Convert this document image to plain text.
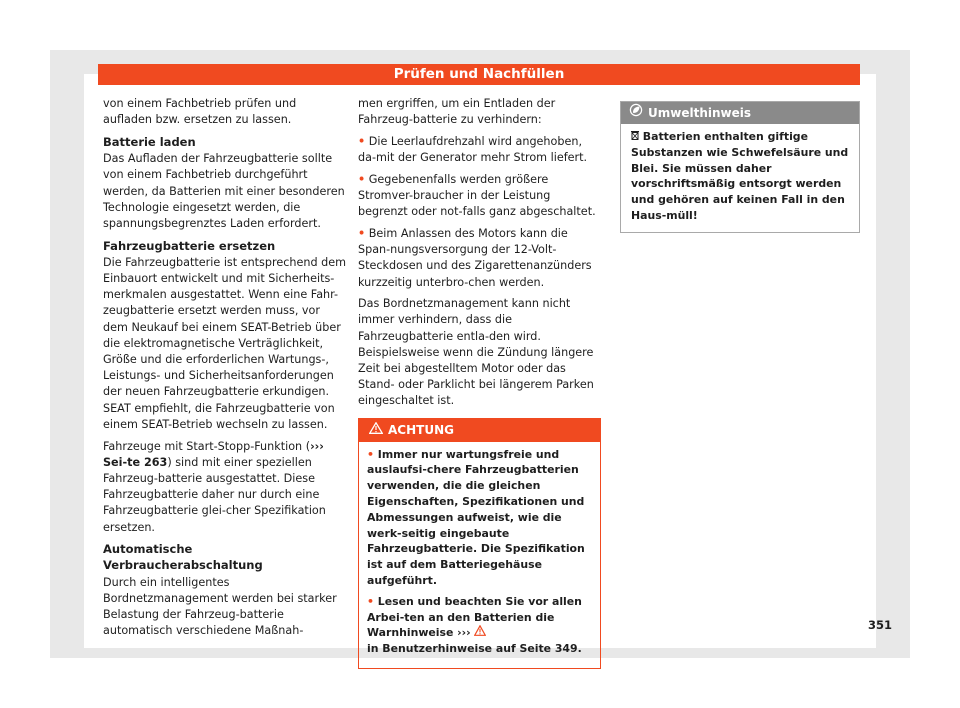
Prüfen und Nachfüllen

von einem Fachbetrieb prüfen und aufladen bzw. ersetzen zu lassen.

Batterie laden

Das Aufladen der Fahrzeugbatterie sollte von einem Fachbetrieb durchgeführt werden, da Batterien mit einer besonderen Technologie eingesetzt werden, die spannungsbegrenztes Laden erfordert.

Fahrzeugbatterie ersetzen

Die Fahrzeugbatterie ist entsprechend dem Einbauort entwickelt und mit Sicherheits-merkmalen ausgestattet. Wenn eine Fahr-zeugbatterie ersetzt werden muss, vor dem Neukauf bei einem SEAT-Betrieb über die elektromagnetische Verträglichkeit, Größe und die erforderlichen Wartungs-, Leistungs- und Sicherheitsanforderungen der neuen Fahrzeugbatterie erkundigen. SEAT empfiehlt, die Fahrzeugbatterie von einem SEAT-Betrieb wechseln zu lassen.

Fahrzeuge mit Start-Stopp-Funktion (››› Sei-te 263) sind mit einer speziellen Fahrzeug-batterie ausgestattet. Diese Fahrzeugbatterie daher nur durch eine Fahrzeugbatterie glei-cher Spezifikation ersetzen.

Automatische Verbraucherabschaltung

Durch ein intelligentes Bordnetzmanagement werden bei starker Belastung der Fahrzeug-batterie automatisch verschiedene Maßnah-

men ergriffen, um ein Entladen der Fahrzeug-batterie zu verhindern:

• Die Leerlaufdrehzahl wird angehoben, da-mit der Generator mehr Strom liefert.

• Gegebenenfalls werden größere Stromver-braucher in der Leistung begrenzt oder not-falls ganz abgeschaltet.

• Beim Anlassen des Motors kann die Span-nungsversorgung der 12-Volt-Steckdosen und des Zigarettenanzünders kurzzeitig unterbro-chen werden.

Das Bordnetzmanagement kann nicht immer verhindern, dass die Fahrzeugbatterie entla-den wird. Beispielsweise wenn die Zündung längere Zeit bei abgestelltem Motor oder das Stand- oder Parklicht bei längerem Parken eingeschaltet ist.

ACHTUNG

• Immer nur wartungsfreie und auslaufsi-chere Fahrzeugbatterien verwenden, die die gleichen Eigenschaften, Spezifikationen und Abmessungen aufweist, wie die werk-seitig eingebaute Fahrzeugbatterie. Die Spezifikation ist auf dem Batteriegehäuse aufgeführt.

• Lesen und beachten Sie vor allen Arbei-ten an den Batterien die Warnhinweise ›››
in Benutzerhinweise auf Seite 349.

Umwelthinweis
Batterien enthalten giftige Substanzen wie Schwefelsäure und Blei. Sie müssen daher vorschriftsmäßig entsorgt werden und gehören auf keinen Fall in den Haus-müll!
351
